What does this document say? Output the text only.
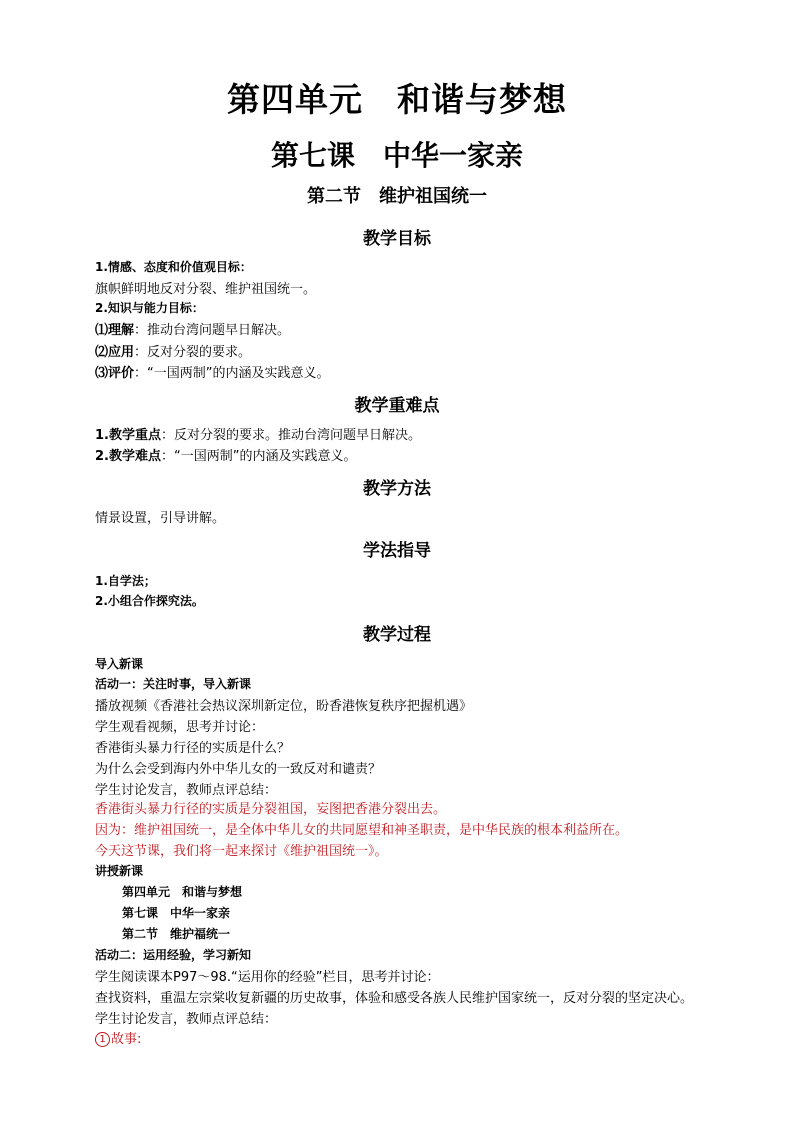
第四单元　和谐与梦想
第七课　中华一家亲
第二节　维护祖国统一
教学目标
1.情感、态度和价值观目标：
旗帜鲜明地反对分裂、维护祖国统一。
2.知识与能力目标：
⑴理解：推动台湾问题早日解决。
⑵应用：反对分裂的要求。
⑶评价：“一国两制”的内涵及实践意义。
教学重难点
1.教学重点：反对分裂的要求。推动台湾问题早日解决。
2.教学难点：“一国两制”的内涵及实践意义。
教学方法
情景设置，引导讲解。
学法指导
1.自学法；
2.小组合作探究法。
教学过程
导入新课
活动一：关注时事，导入新课
播放视频《香港社会热议深圳新定位，盼香港恢复秩序把握机遇》
学生观看视频，思考并讨论：
香港街头暴力行径的实质是什么？
为什么会受到海内外中华儿女的一致反对和谴责？
学生讨论发言，教师点评总结：
香港街头暴力行径的实质是分裂祖国，妄图把香港分裂出去。
因为：维护祖国统一，是全体中华儿女的共同愿望和神圣职责，是中华民族的根本利益所在。
今天这节课，我们将一起来探讨《维护祖国统一》。
讲授新课
第四单元　和谐与梦想
第七课　中华一家亲
第二节　维护福统一
活动二：运用经验，学习新知
学生阅读课本P97～98.“运用你的经验”栏目，思考并讨论：
查找资料，重温左宗棠收复新疆的历史故事，体验和感受各族人民维护国家统一，反对分裂的坚定决心。
学生讨论发言，教师点评总结：
1 故事:
